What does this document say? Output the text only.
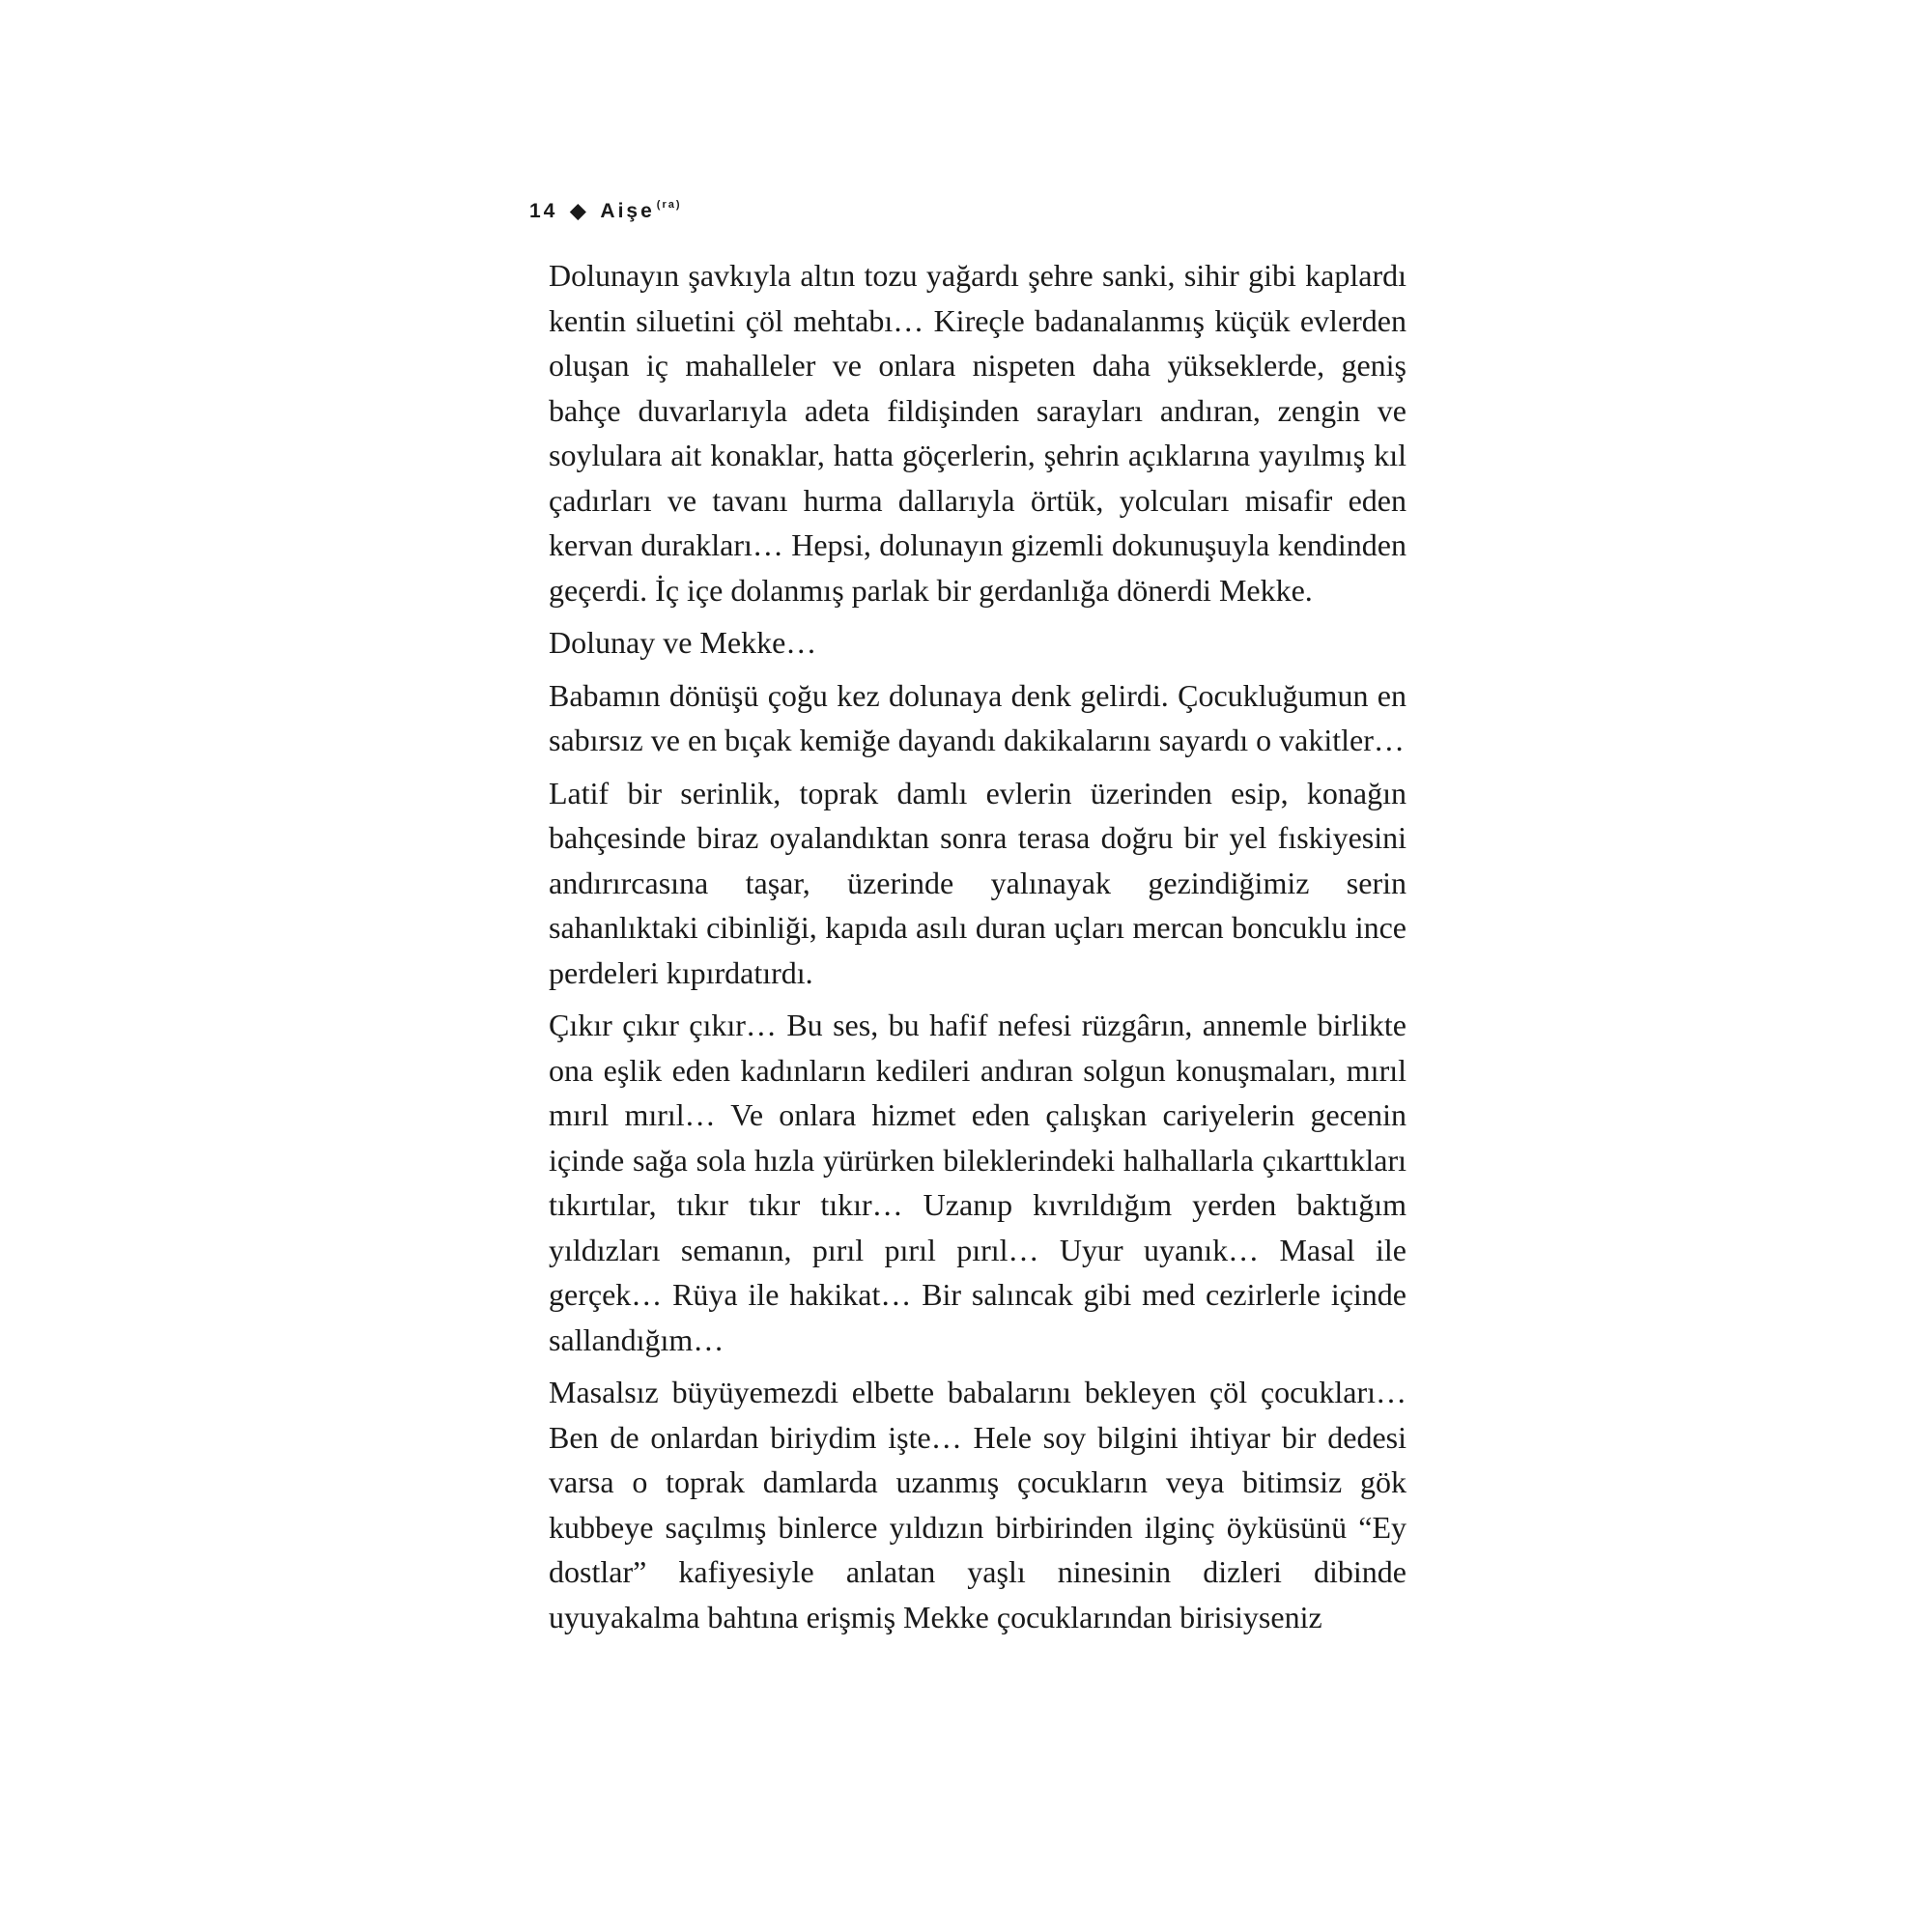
14 ◆ Aişe $^{(ra)}$

Dolunayın şavkıyla altın tozu yağardı şehre sanki, sihir gibi kaplardı kentin siluetini çöl mehtabı… Kireçle badanalanmış küçük evlerden oluşan iç mahalleler ve onlara nispeten daha yükseklerde, geniş bahçe duvarlarıyla adeta fildişinden sarayları andıran, zengin ve soylulara ait konaklar, hatta göçerlerin, şehrin açıklarına yayılmış kıl çadırları ve tavanı hurma dallarıyla örtük, yolcuları misafir eden kervan durakları… Hepsi, dolunayın gizemli dokunuşuyla kendinden geçerdi. İç içe dolanmış parlak bir gerdanlığa dönerdi Mekke.

Dolunay ve Mekke…

Babamın dönüşü çoğu kez dolunaya denk gelirdi. Çocukluğumun en sabırsız ve en bıçak kemiğe dayandı dakikalarını sayardı o vakitler…

Latif bir serinlik, toprak damlı evlerin üzerinden esip, konağın bahçesinde biraz oyalandıktan sonra terasa doğru bir yel fıskiyesini andırırcasına taşar, üzerinde yalınayak gezindiğimiz serin sahanlıktaki cibinliği, kapıda asılı duran uçları mercan boncuklu ince perdeleri kıpırdatırdı.

Çıkır çıkır çıkır… Bu ses, bu hafif nefesi rüzgârın, annemle birlikte ona eşlik eden kadınların kedileri andıran solgun konuşmaları, mırıl mırıl mırıl… Ve onlara hizmet eden çalışkan cariyelerin gecenin içinde sağa sola hızla yürürken bileklerindeki halhallarla çıkarttıkları tıkırtılar, tıkır tıkır tıkır… Uzanıp kıvrıldığım yerden baktığım yıldızları semanın, pırıl pırıl pırıl… Uyur uyanık… Masal ile gerçek… Rüya ile hakikat… Bir salıncak gibi med cezirlerle içinde sallandığım…

Masalsız büyüyemezdi elbette babalarını bekleyen çöl çocukları… Ben de onlardan biriydim işte… Hele soy bilgini ihtiyar bir dedesi varsa o toprak damlarda uzanmış çocukların veya bitimsiz gök kubbeye saçılmış binlerce yıldızın birbirinden ilginç öyküsünü “Ey dostlar” kafiyesiyle anlatan yaşlı ninesinin dizleri dibinde uyuyakalma bahtına erişmiş Mekke çocuklarından birisiyseniz
